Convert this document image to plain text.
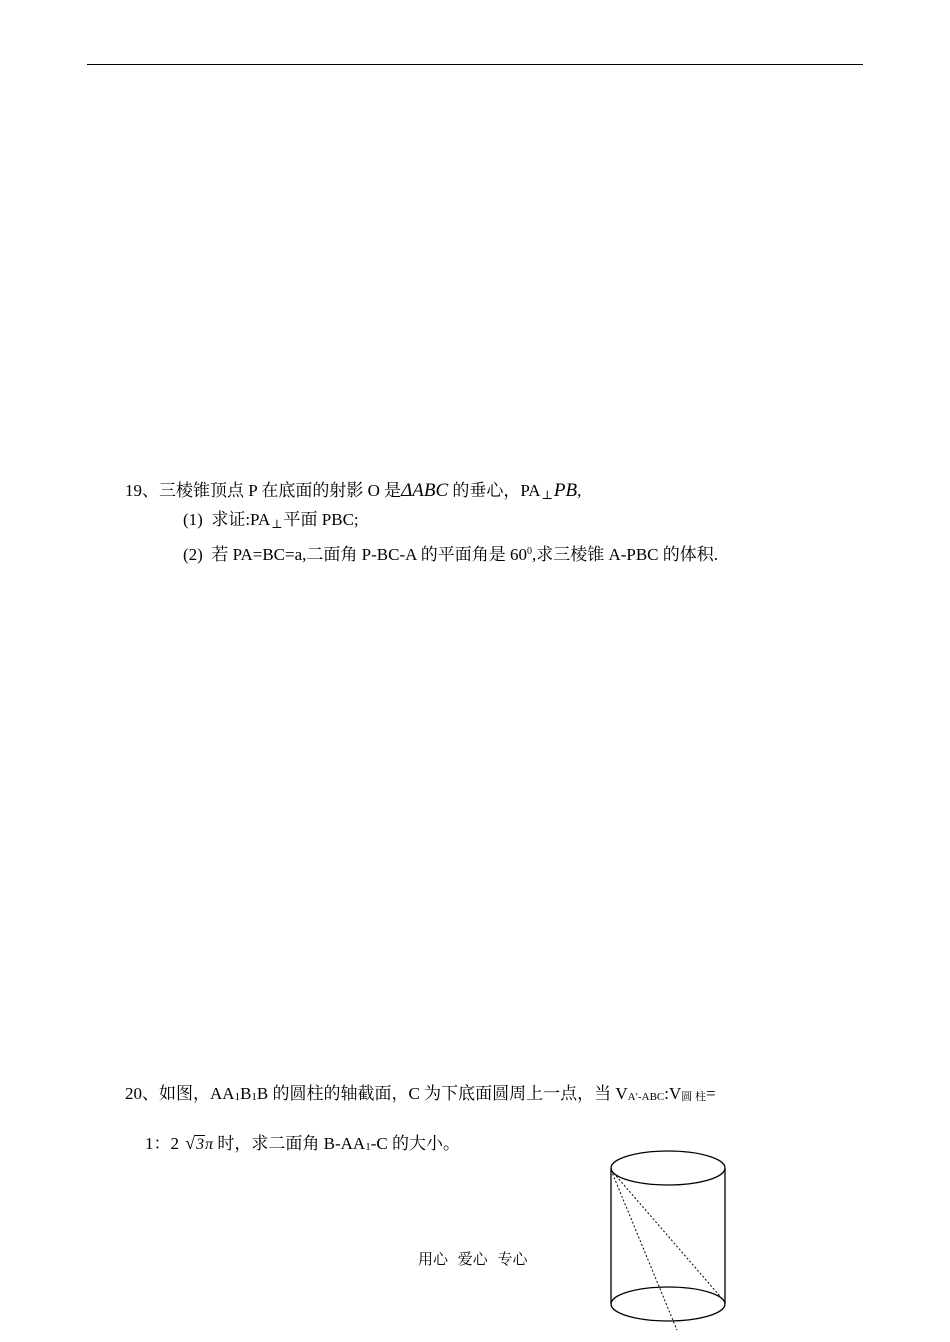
19、三棱锥顶点 P 在底面的射影 O 是ΔABC 的垂心，PA⊥PB,
(1) 求证:PA⊥平面 PBC;
(2) 若 PA=BC=a,二面角 P-BC-A 的平面角是 $60^0$,求三棱锥 A-PBC 的体积.
20、如图，$AA_1B_1B$ 的圆柱的轴截面，C 为下底面圆周上一点，当 VA′-ABC:V圆 柱=
1：2 √3π 时，求二面角 $B-AA_1-C$ 的大小。
用心 爱心 专心
